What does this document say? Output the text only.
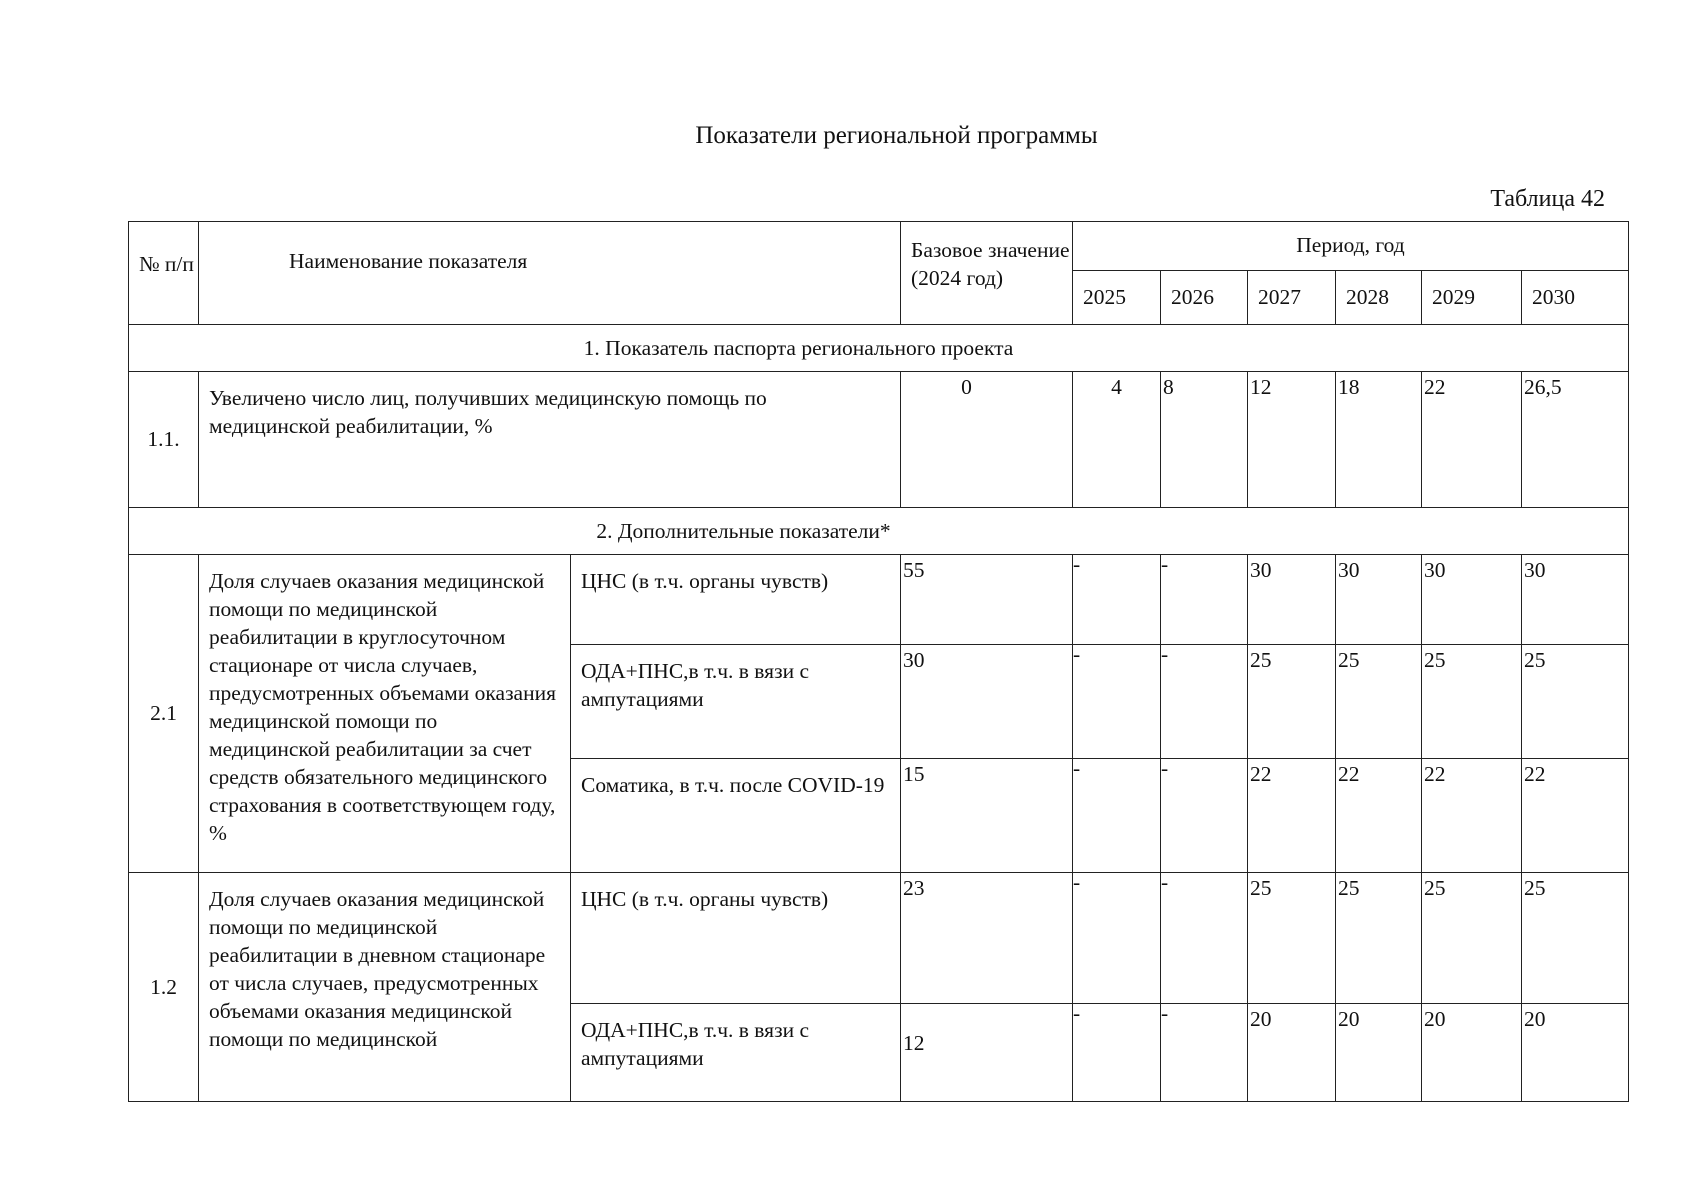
Показатели региональной программы
Таблица 42
№ п/п	Наименование показателя		Базовое значение (2024 год)	Период, год					
				2025	2026	2027	2028	2029	2030
1. Показатель паспорта регионального проекта									
1.1.	Увеличено число лиц, получивших медицинскую помощь по медицинской реабилитации, %		0	4	8	12	18	22	26,5
2. Дополнительные показатели*									
2.1	Доля случаев оказания медицинской помощи по медицинской реабилитации в круглосуточном стационаре от числа случаев, предусмотренных объемами оказания медицинской помощи по медицинской реабилитации за счет средств обязательного медицинского страхования в соответствующем году, %	ЦНС (в т.ч. органы чувств)	55	-	-	30	30	30	30
		ОДА+ПНС,в т.ч. в вязи с ампутациями	30	-	-	25	25	25	25
		Соматика, в т.ч. после COVID-19	15	-	-	22	22	22	22
1.2	Доля случаев оказания медицинской помощи по медицинской реабилитации в дневном стационаре от числа случаев, предусмотренных объемами оказания медицинской помощи по медицинской	ЦНС (в т.ч. органы чувств)	23	-	-	25	25	25	25
		ОДА+ПНС,в т.ч. в вязи с ампутациями	12	-	-	20	20	20	20
